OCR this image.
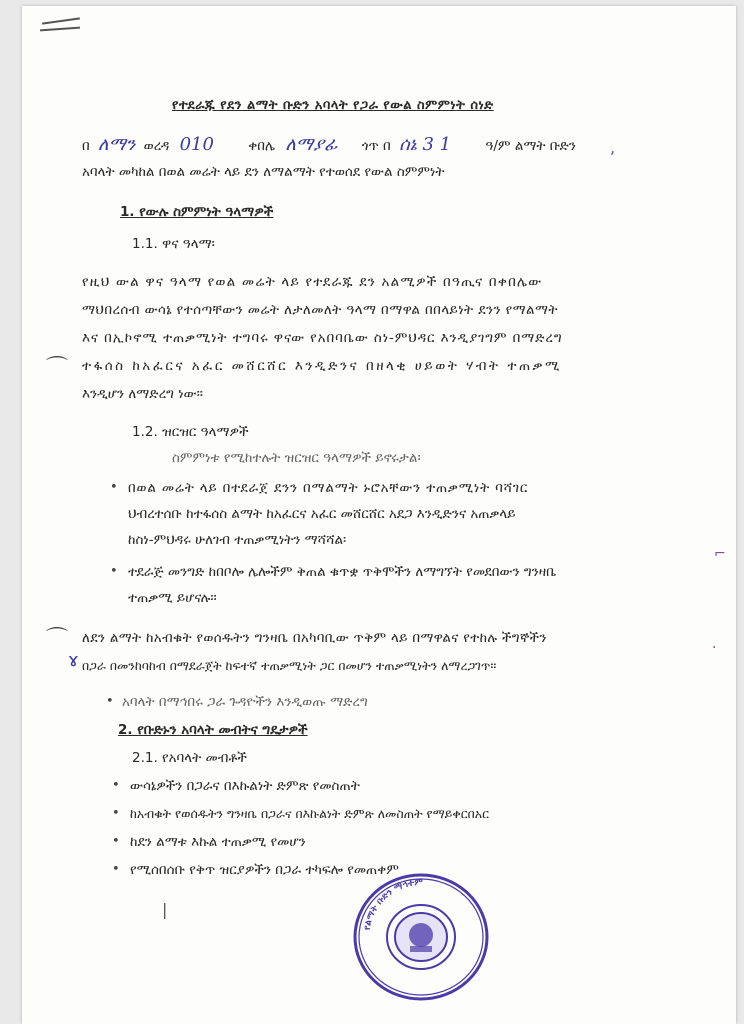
የተደራጁ የደን ልማት ቡድን አባላት የጋራ የውል ስምምነት ሰነድ
በ ለማን ወረዳ 010	ቀበሌ ለማያፊ ጎጥ በ ሰኔ 3 1	ዓ/ም ልማት ቡድን
አባላት መካከል በወል መሬት ላይ ደን ለማልማት የተወሰደ የውል ስምምነት
1. የውሉ ስምምነት ዓላማዎች
1.1. ዋና ዓላማ፡
የዚህ ውል ዋና ዓላማ የወል መሬት ላይ የተደራጁ ደን አልሚዎች በዓጢና በቀበሌው
ማህበረሰብ ውሳኔ የተሰጣቸውን መሬት ለታለመለት ዓላማ በማዋል በበላይነት ደንን የማልማት
እና በኢኮኖሚ ተጠቃሚነት ተግባሩ ዋናው የአበባቤው ስነ-ምህዳር እንዲያገግም በማድረግ
ተፋሰስ ከአፈርና አፈር መሸርሸር እንዲድንና በዘላቂ ሀይወት ሃብት ተጠቃሚ
እንዲሆን ለማድረግ ነው፡፡
1.2. ዝርዝር ዓላማዎች
ስምምነቱ የሚከተሉት ዝርዝር ዓላማዎች ይኖሩታል፡
• በወል መሬት ላይ በተደራጀ ደንን በማልማት ኑሮአቸውን ተጠቃሚነት ባሻገር
ህብረተሰቡ ከተፋሰስ ልማት ከአፈርና አፈር መሸርሸር አደጋ እንዲድንና አጠቃላይ
ከስነ-ምህዳሩ ሁለገብ ተጠቃሚነትን ማሻሻል፡
• ተደራጅ መንግድ ከበቦሎ ሌሎችም ቅጠል ቁጥቋ ጥቅሞችን ለማግኘት የመደበውን ግንዛቤ
ተጠቃሚ ይሆናሉ፡፡
ለደን ልማት ከአብቁት የወሰዱትን ግንዛቤ በአካባቢው ጥቅም ላይ በማዋልና የተከሉ ችግኞችን
በጋራ በመንከባከብ በማደራጀት ከፍተኛ ተጠቃሚነት ጋር በመሆን ተጠቃሚነትን ለማረጋገጥ፡፡
• አባላት በማኅበሩ ጋራ ጉዳዮችን እንዲወጡ ማድረግ
2. የቡድኑን አባላት መብትና ግዴታዎች
2.1. የአባላት መብቶች
• ውሳኔዎችን በጋራና በእኩልነት ድምጽ የመስጠት
• ከአብቁት የወሰዱትን ግንዛቤ በጋራና በእኩልነት ድምጽ ለመስጠት የማይቀርበአር
• ከደን ልማቱ እኩል ተጠቃሚ የመሆን
• የሚሰበሰቡ የቅጥ ዝርያዎችን በጋራ ተካፍሎ የመጠቀም
⌒
⌒
ɤ
⌐
.
,
|
የልማት ቡድን ማኅተም
